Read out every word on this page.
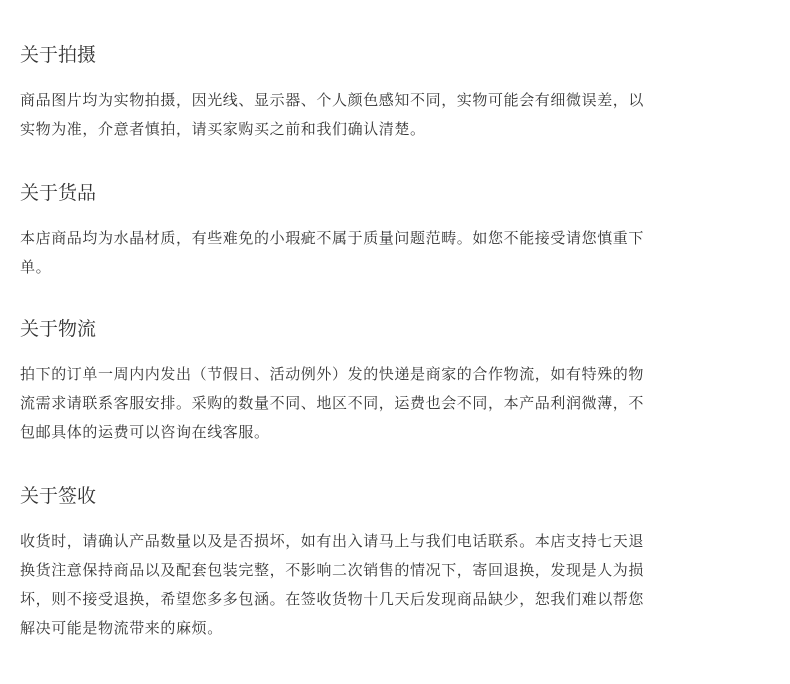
关于拍摄

商品图片均为实物拍摄，因光线、显示器、个人颜色感知不同，实物可能会有细微误差，以
实物为准，介意者慎拍，请买家购买之前和我们确认清楚。

关于货品

本店商品均为水晶材质，有些难免的小瑕疵不属于质量问题范畴。如您不能接受请您慎重下
单。

关于物流

拍下的订单一周内内发出（节假日、活动例外）发的快递是商家的合作物流，如有特殊的物
流需求请联系客服安排。采购的数量不同、地区不同，运费也会不同，本产品利润微薄，不
包邮具体的运费可以咨询在线客服。

关于签收

收货时，请确认产品数量以及是否损坏，如有出入请马上与我们电话联系。本店支持七天退
换货注意保持商品以及配套包装完整，不影响二次销售的情况下，寄回退换，发现是人为损
坏，则不接受退换，希望您多多包涵。在签收货物十几天后发现商品缺少，恕我们难以帮您
解决可能是物流带来的麻烦。
